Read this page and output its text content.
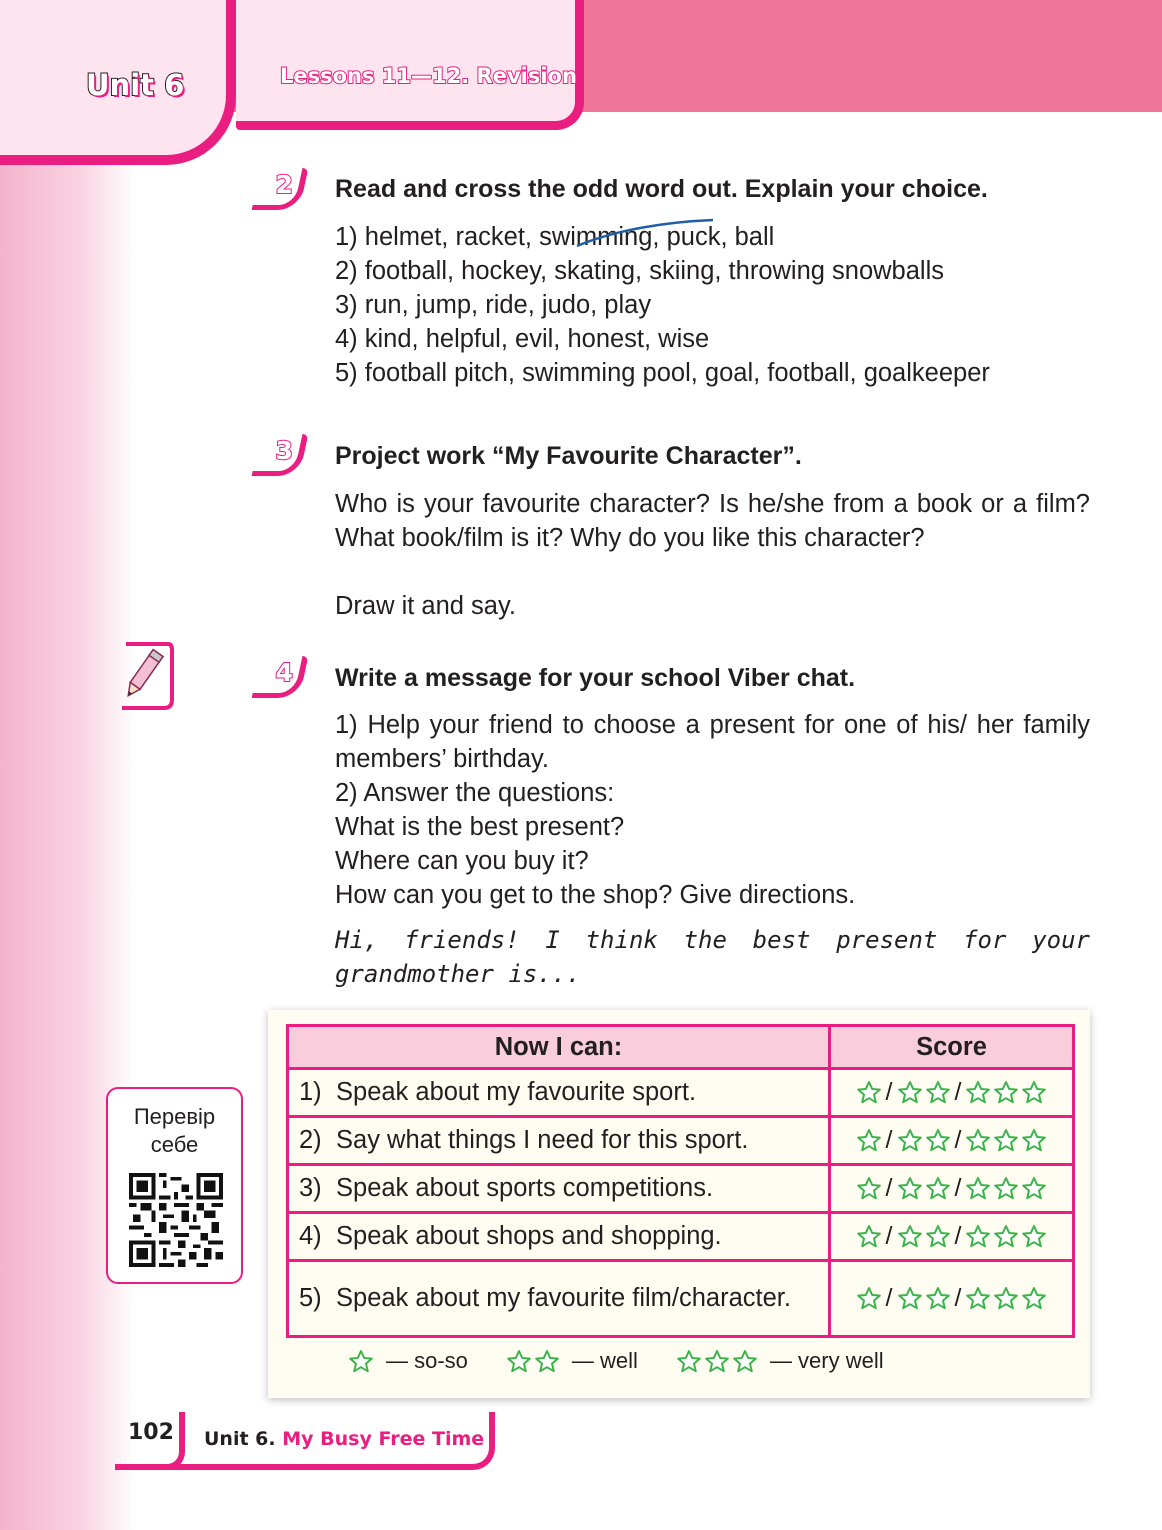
Unit 6	Lessons 11—12. Revision
2 Read and cross the odd word out. Explain your choice.
1) helmet, racket, swimming, puck, ball
2) football, hockey, skating, skiing, throwing snowballs
3) run, jump, ride, judo, play
4) kind, helpful, evil, honest, wise
5) football pitch, swimming pool, goal, football, goalkeeper
3 Project work “My Favourite Character”.
Who is your favourite character? Is he/she from a book or a film? What book/film is it? Why do you like this character?
Draw it and say.
4 Write a message for your school Viber chat.
1) Help your friend to choose a present for one of his/ her family members’ birthday.
2) Answer the questions:
What is the best present?
Where can you buy it?
How can you get to the shop? Give directions.
Hi, friends! I think the best present for your grandmother is...
Перевір
себе
Now I can:	Score

1) Speak about my favourite sport.	/ /

2) Say what things I need for this sport.	/ /

3) Speak about sports competitions.	/ /

4) Speak about shops and shopping.	/ /

5) Speak about my favourite film/character.	/ /
— so-so	— well	— very well
102 Unit 6. My Busy Free Time
